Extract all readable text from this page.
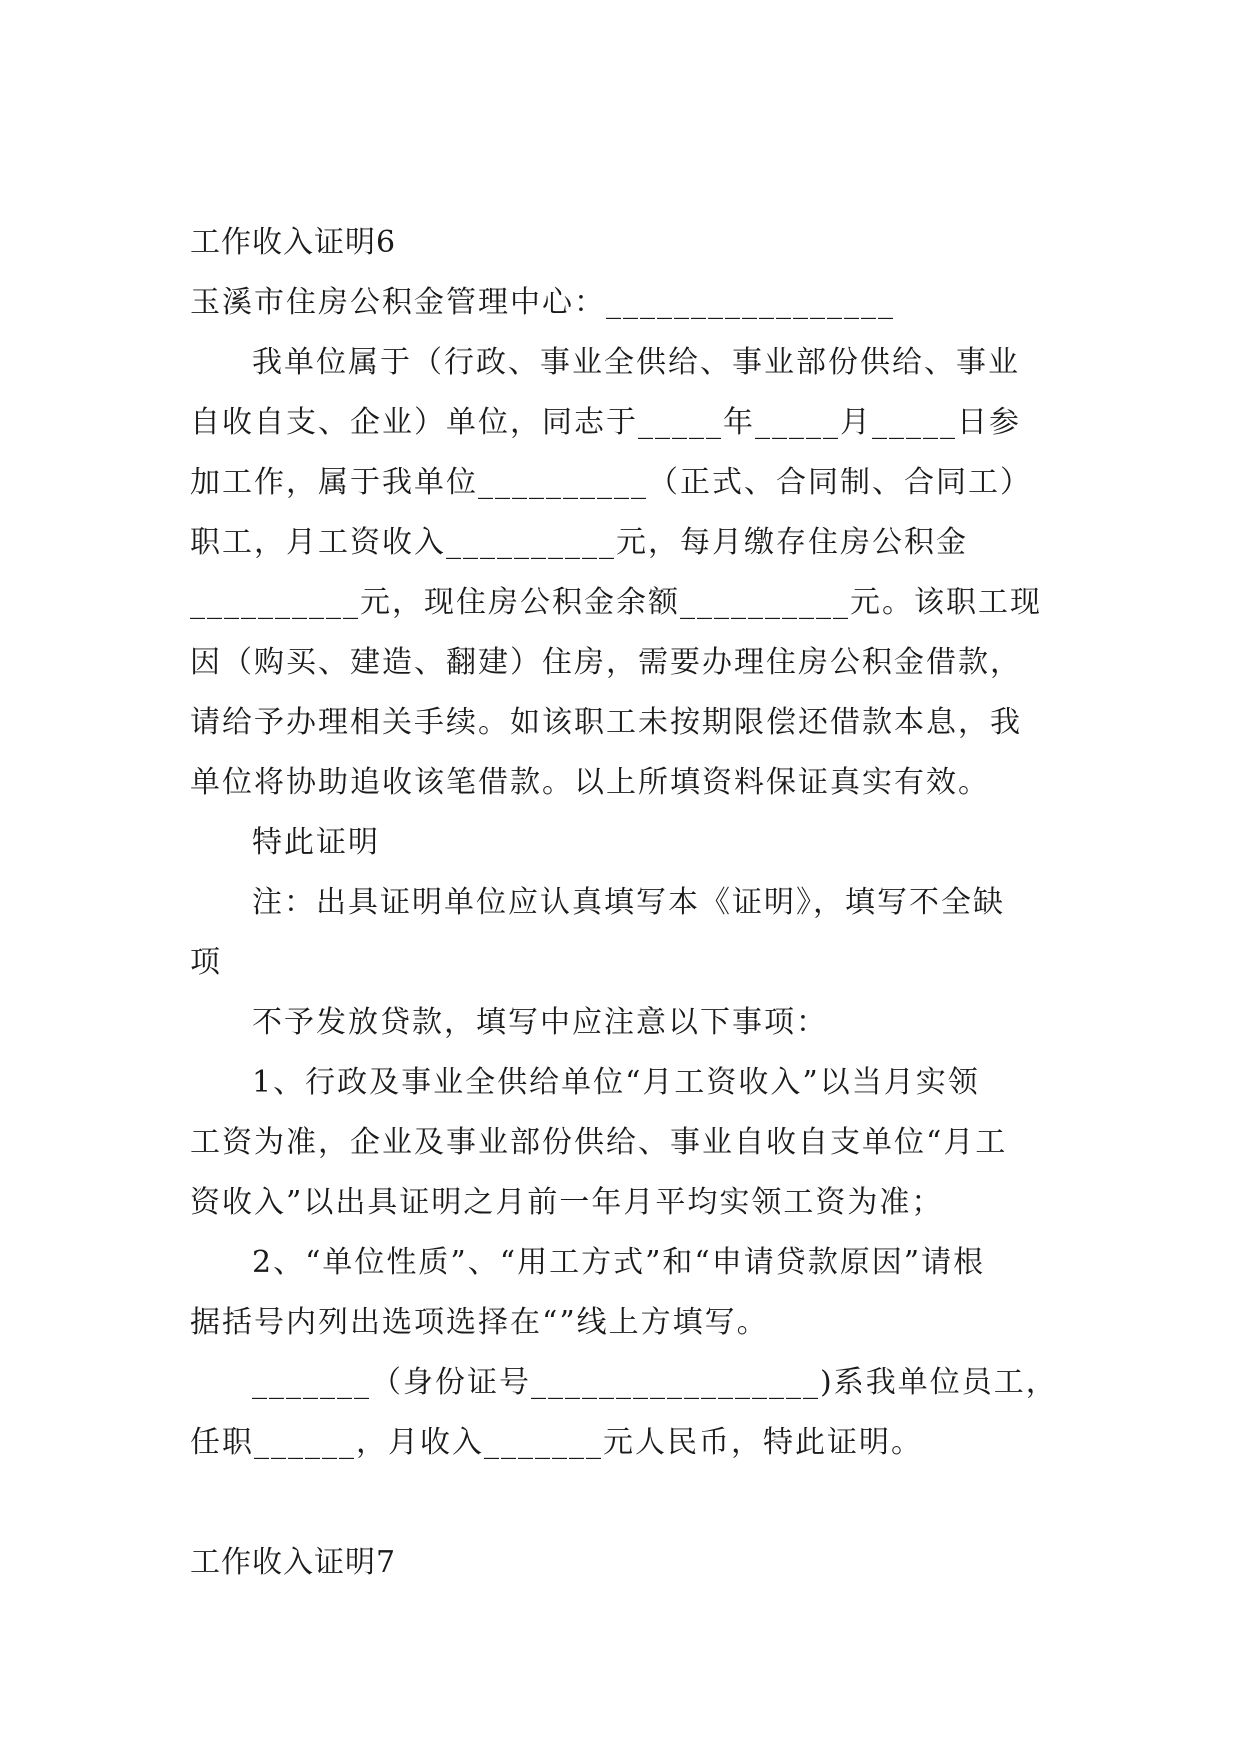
工作收入证明6
玉溪市住房公积金管理中心：_________________
我单位属于（行政、事业全供给、事业部份供给、事业
自收自支、企业）单位，同志于_____年_____月_____日参
加工作，属于我单位__________（正式、合同制、合同工）
职工，月工资收入__________元，每月缴存住房公积金
__________元，现住房公积金余额__________元。该职工现
因（购买、建造、翻建）住房，需要办理住房公积金借款，
请给予办理相关手续。如该职工未按期限偿还借款本息，我
单位将协助追收该笔借款。以上所填资料保证真实有效。
特此证明
注：出具证明单位应认真填写本《证明》，填写不全缺
项
不予发放贷款，填写中应注意以下事项：
1、行政及事业全供给单位“月工资收入”以当月实领
工资为准，企业及事业部份供给、事业自收自支单位“月工
资收入”以出具证明之月前一年月平均实领工资为准；
2、“单位性质”、“用工方式”和“申请贷款原因”请根
据括号内列出选项选择在“”线上方填写。
_______（身份证号_________________)系我单位员工，
任职______，月收入_______元人民币，特此证明。
工作收入证明7
